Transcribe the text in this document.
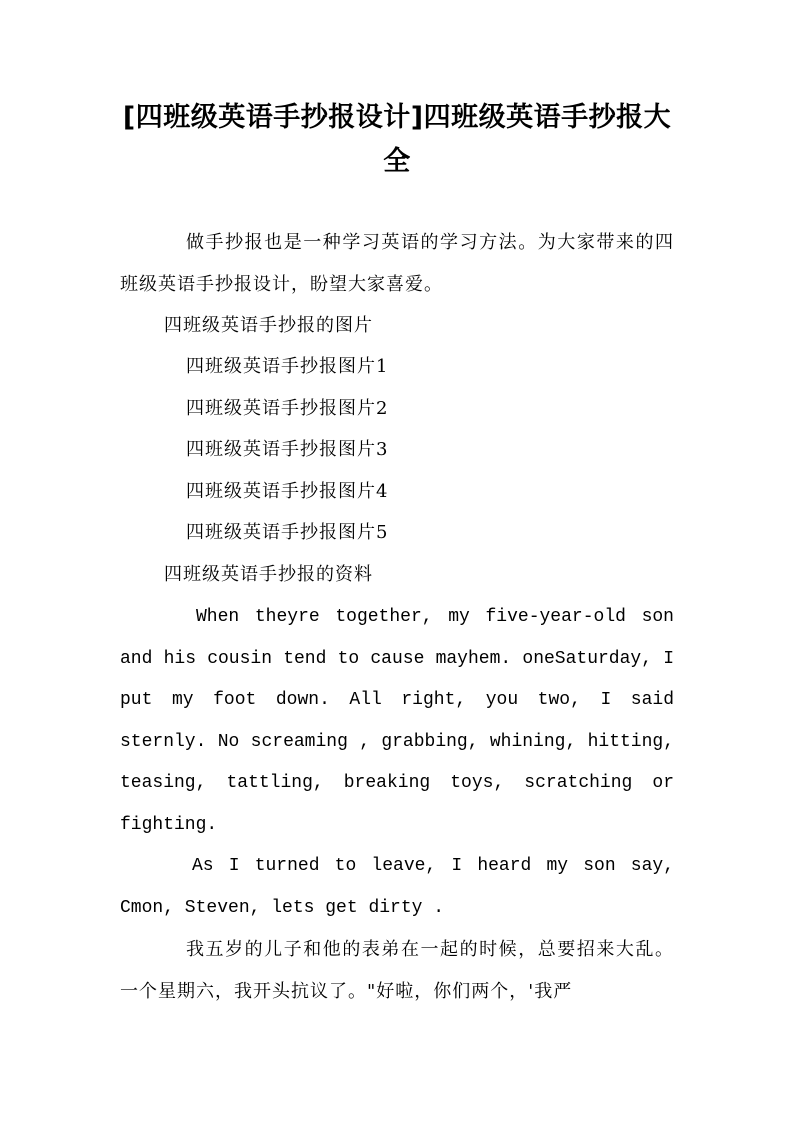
[四班级英语手抄报设计]四班级英语手抄报大全

做手抄报也是一种学习英语的学习方法。为大家带来的四班级英语手抄报设计，盼望大家喜爱。

四班级英语手抄报的图片

四班级英语手抄报图片1

四班级英语手抄报图片2

四班级英语手抄报图片3

四班级英语手抄报图片4

四班级英语手抄报图片5

四班级英语手抄报的资料

When theyre together, my five-year-old son and his cousin tend to cause mayhem. oneSaturday, I put my foot down. All right, you two, I said sternly. No screaming , grabbing, whining, hitting, teasing, tattling, breaking toys, scratching or fighting.

As I turned to leave, I heard my son say, Cmon, Steven, lets get dirty .

我五岁的儿子和他的表弟在一起的时候，总要招来大乱。一个星期六，我开头抗议了。"好啦，你们两个，'我严
